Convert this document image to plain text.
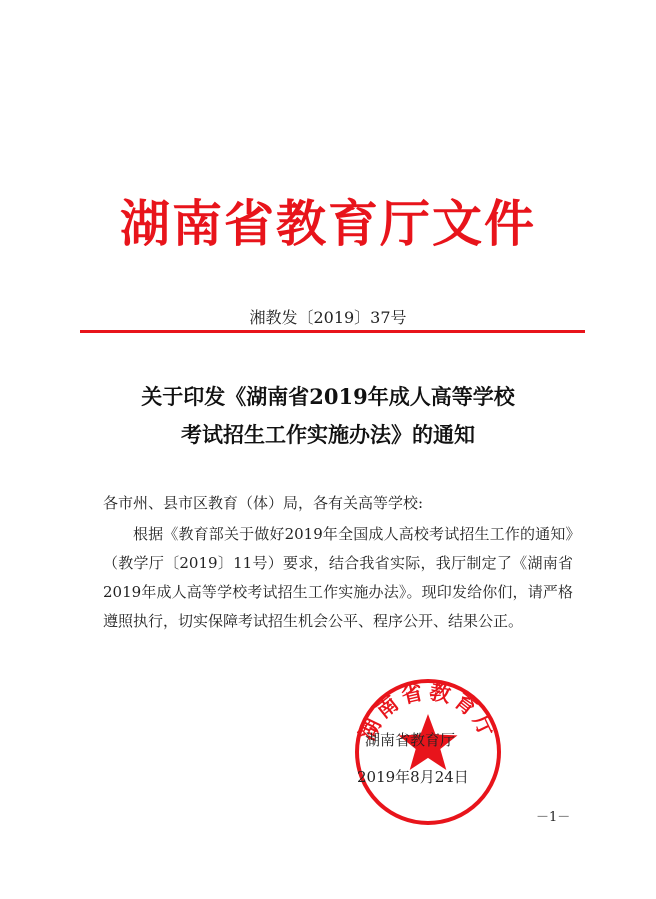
湖南省教育厅文件
湘教发〔2019〕37号
关于印发《湖南省2019年成人高等学校
考试招生工作实施办法》的通知
各市州、县市区教育（体）局，各有关高等学校:
根据《教育部关于做好2019年全国成人高校考试招生工作的通知》（教学厅〔2019〕11号）要求，结合我省实际，我厅制定了《湖南省2019年成人高等学校考试招生工作实施办法》。现印发给你们，请严格遵照执行，切实保障考试招生机会公平、程序公开、结果公正。
湖南省教育厅
湖南省教育厅
2019年8月24日
－1－
